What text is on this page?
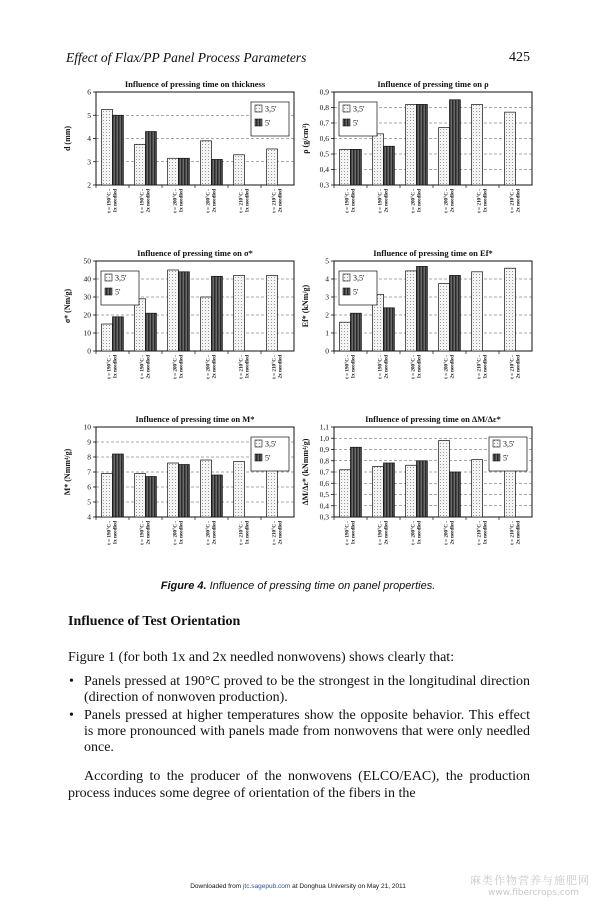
Effect of Flax/PP Panel Process Parameters	425
Influence of pressing time on thickness
2
3
4
5
6
d (mm)
t = 190°C - 1x needled	t = 190°C - 2x needled	t = 200°C - 1x needled	t = 200°C - 2x needled	t = 210°C - 1x needled	t = 210°C - 2x needled
3,5'
5'
Influence of pressing time on ρ
0,3
0,4
0,5
0,6
0,7
0,8
0,9
ρ (g/cm³)
t = 190°C - 1x needled	t = 190°C - 2x needled	t = 200°C - 1x needled	t = 200°C - 2x needled	t = 210°C - 1x needled	t = 210°C - 2x needled
3,5'
5'
Influence of pressing time on σ*
0
10
20
30
40
50
σ* (Nm/g)
t = 190°C - 1x needled	t = 190°C - 2x needled	t = 200°C - 1x needled	t = 200°C - 2x needled	t = 210°C - 1x needled	t = 210°C - 2x needled
3,5'
5'
Influence of pressing time on Ef*
0
1
2
3
4
5
Ef* (kNm/g)
t = 190°C - 1x needled	t = 190°C - 2x needled	t = 200°C - 1x needled	t = 200°C - 2x needled	t = 210°C - 1x needled	t = 210°C - 2x needled
3,5'
5'
Influence of pressing time on M*
4
5
6
7
8
9
10
M* (Nmm⁴/g)
t = 190°C - 1x needled	t = 190°C - 2x needled	t = 200°C - 1x needled	t = 200°C - 2x needled	t = 210°C - 1x needled	t = 210°C - 2x needled
3,5'
5'
Influence of pressing time on ΔM/Δε*
0,3
0,4
0,5
0,6
0,7
0,8
0,9
1,0
1,1
ΔM/Δε* (kNmm⁴/g)
t = 190°C - 1x needled	t = 190°C - 2x needled	t = 200°C - 1x needled	t = 200°C - 2x needled	t = 210°C - 1x needled	t = 210°C - 2x needled
3,5'
5'
Figure 4. Influence of pressing time on panel properties.
Influence of Test Orientation
Figure 1 (for both 1x and 2x needled nonwovens) shows clearly that:
• Panels pressed at 190°C proved to be the strongest in the longitudinal direction (direction of nonwoven production).
• Panels pressed at higher temperatures show the opposite behavior. This effect is more pronounced with panels made from nonwovens that were only needled once.
According to the producer of the nonwovens (ELCO/EAC), the production process induces some degree of orientation of the fibers in the
Downloaded from jtc.sagepub.com at Donghua University on May 21, 2011	麻类作物营养与施肥网
www.fibercrops.com
